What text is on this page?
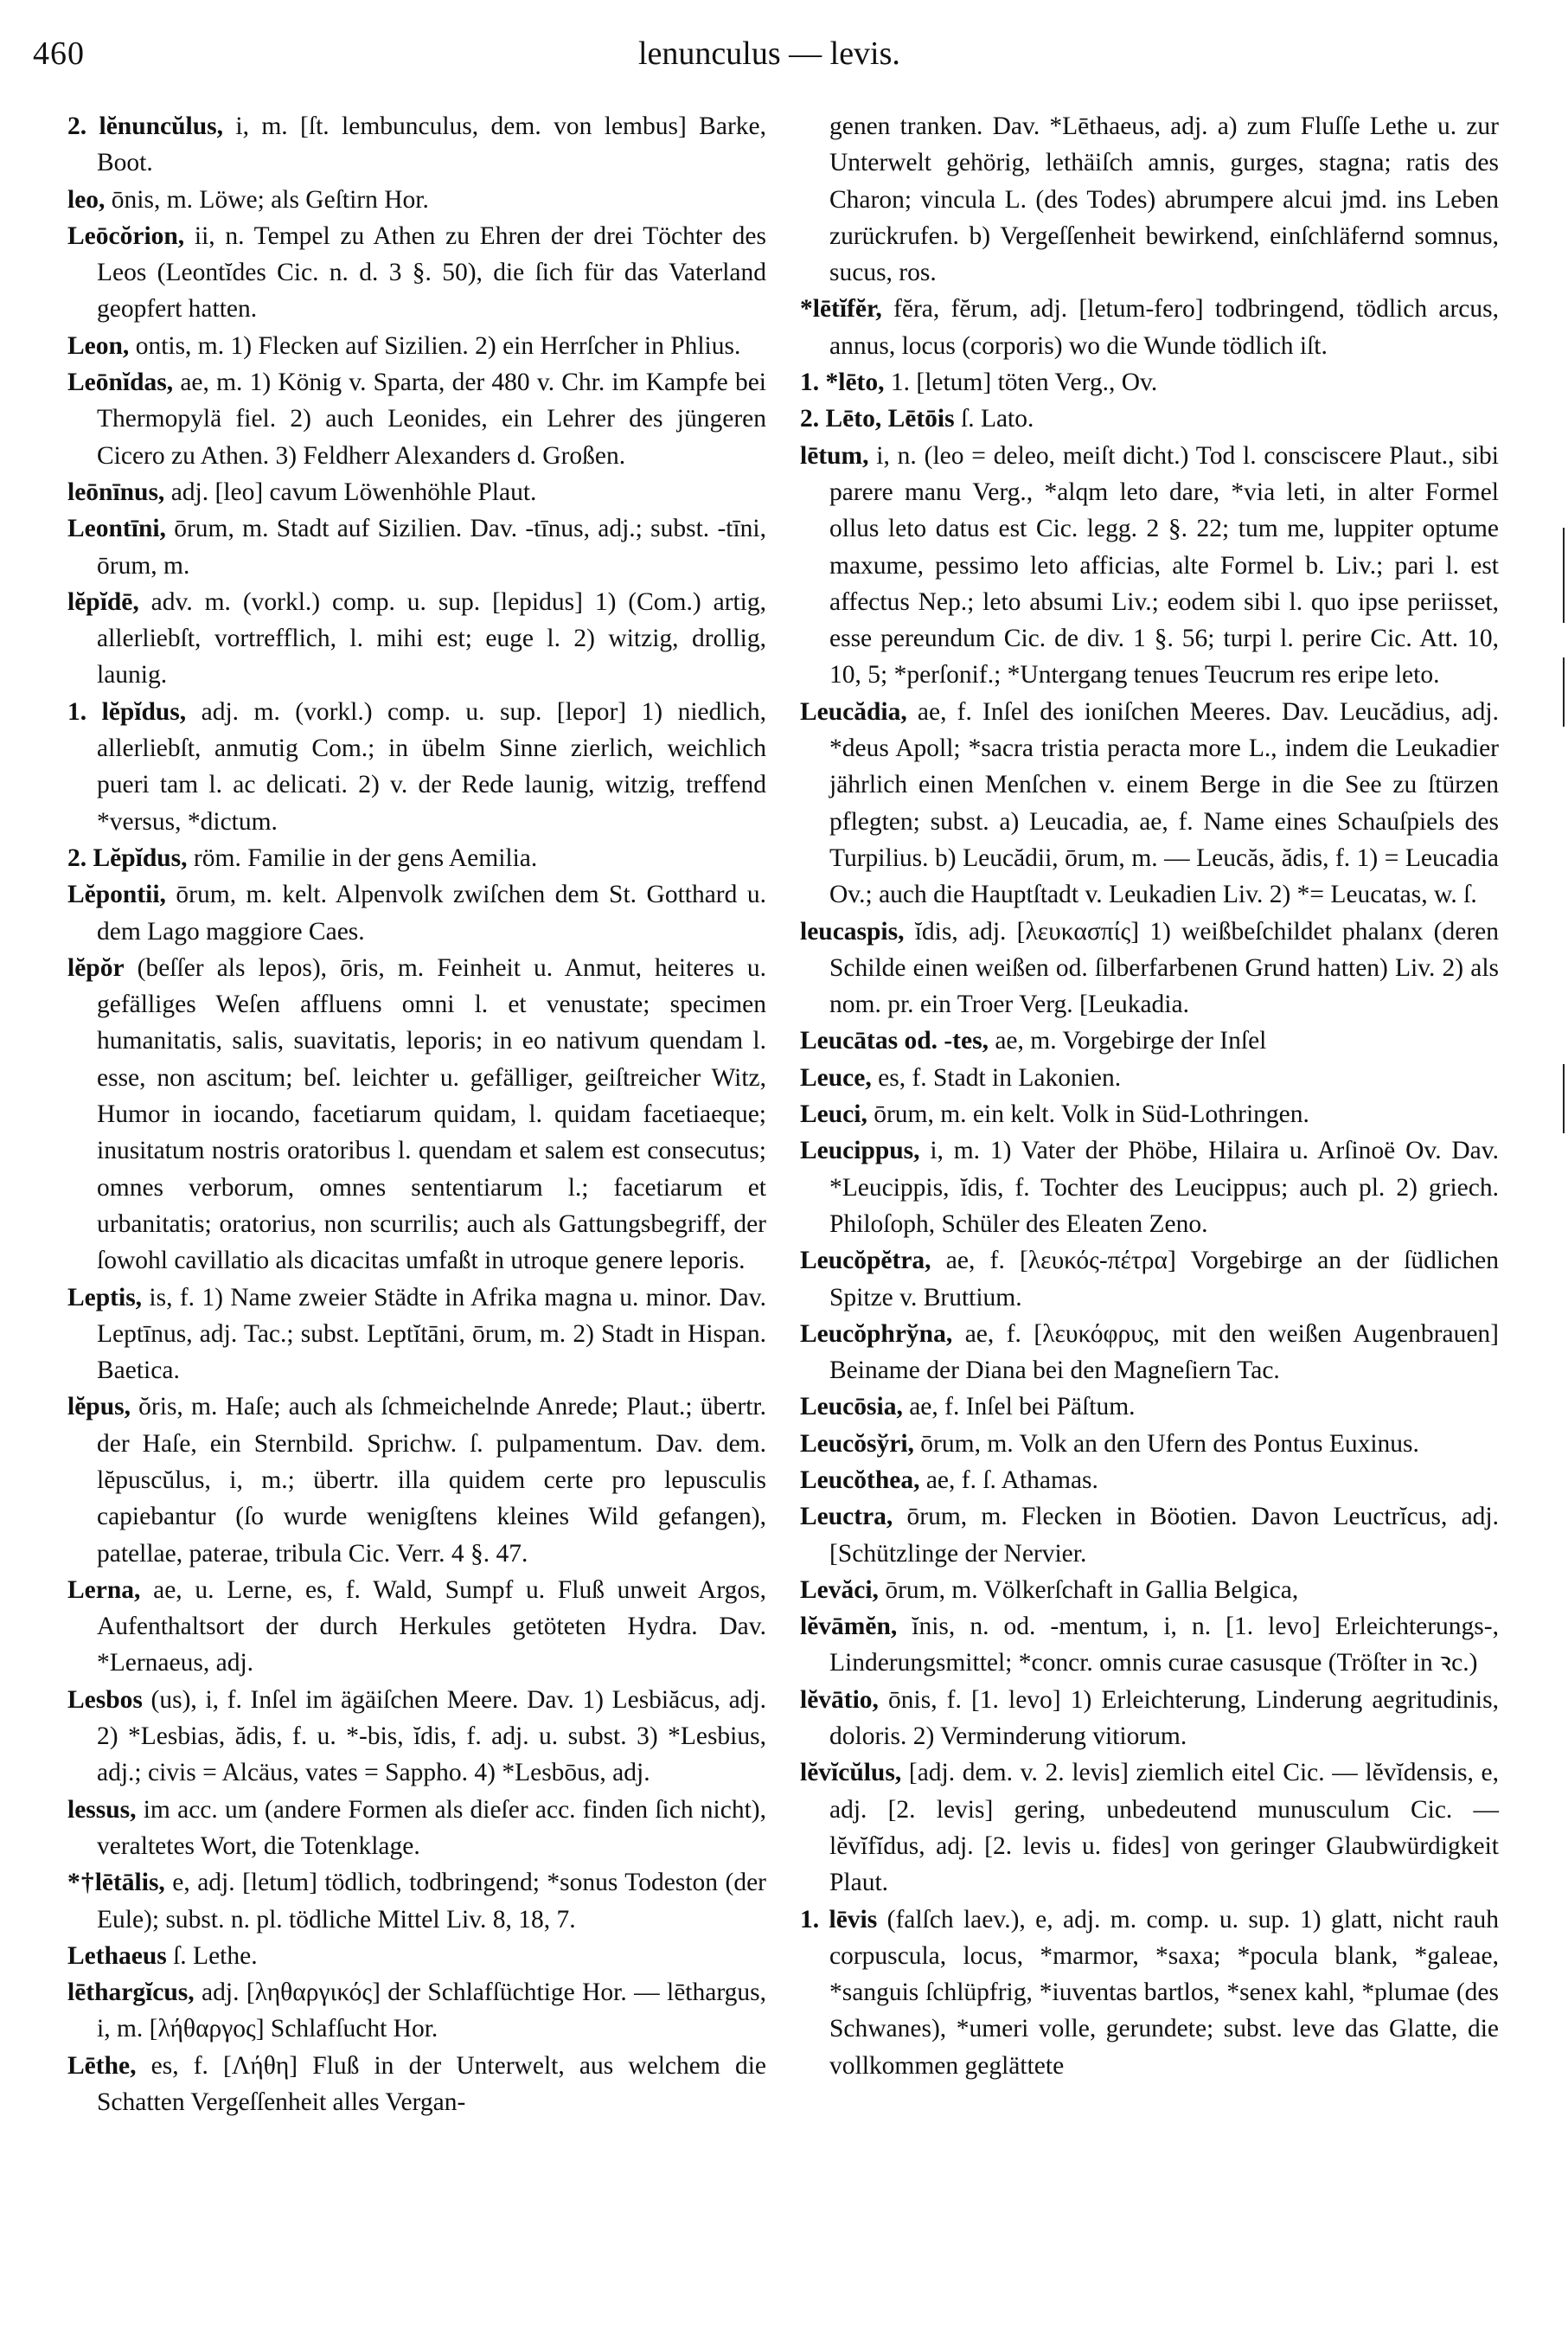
460	lenunculus — levis.

2. lĕnuncŭlus, i, m. [ſt. lembunculus, dem. von lembus] Barke, Boot.

leo, ōnis, m. Löwe; als Geſtirn Hor.

Leōcŏrion, ii, n. Tempel zu Athen zu Ehren der drei Töchter des Leos (Leontĭdes Cic. n. d. 3 §. 50), die ſich für das Vaterland geopfert hatten.

Leon, ontis, m. 1) Flecken auf Sizilien. 2) ein Herrſcher in Phlius.

Leōnĭdas, ae, m. 1) König v. Sparta, der 480 v. Chr. im Kampfe bei Thermopylä fiel. 2) auch Leonides, ein Lehrer des jüngeren Cicero zu Athen. 3) Feldherr Alexanders d. Großen.

leōnīnus, adj. [leo] cavum Löwenhöhle Plaut.

Leontīni, ōrum, m. Stadt auf Sizilien. Dav. -tīnus, adj.; subst. -tīni, ōrum, m.

lĕpĭdē, adv. m. (vorkl.) comp. u. sup. [lepidus] 1) (Com.) artig, allerliebſt, vortrefflich, l. mihi est; euge l. 2) witzig, drollig, launig.

1. lĕpĭdus, adj. m. (vorkl.) comp. u. sup. [lepor] 1) niedlich, allerliebſt, anmutig Com.; in übelm Sinne zierlich, weichlich pueri tam l. ac delicati. 2) v. der Rede launig, witzig, treffend *versus, *dictum.

2. Lĕpĭdus, röm. Familie in der gens Aemilia.

Lĕpontii, ōrum, m. kelt. Alpenvolk zwiſchen dem St. Gotthard u. dem Lago maggiore Caes.

lĕpŏr (beſſer als lepos), ōris, m. Feinheit u. Anmut, heiteres u. gefälliges Weſen affluens omni l. et venustate; specimen humanitatis, salis, suavitatis, leporis; in eo nativum quendam l. esse, non ascitum; beſ. leichter u. gefälliger, geiſtreicher Witz, Humor in iocando, facetiarum quidam, l. quidam facetiaeque; inusitatum nostris oratoribus l. quendam et salem est consecutus; omnes verborum, omnes sententiarum l.; facetiarum et urbanitatis; oratorius, non scurrilis; auch als Gattungsbegriff, der ſowohl cavillatio als dicacitas umfaßt in utroque genere leporis.

Leptis, is, f. 1) Name zweier Städte in Afrika magna u. minor. Dav. Leptīnus, adj. Tac.; subst. Leptĭtāni, ōrum, m. 2) Stadt in Hispan. Baetica.

lĕpus, ŏris, m. Haſe; auch als ſchmeichelnde Anrede; Plaut.; übertr. der Haſe, ein Sternbild. Sprichw. ſ. pulpamentum. Dav. dem. lĕpuscŭlus, i, m.; übertr. illa quidem certe pro lepusculis capiebantur (ſo wurde wenigſtens kleines Wild gefangen), patellae, paterae, tribula Cic. Verr. 4 §. 47.

Lerna, ae, u. Lerne, es, f. Wald, Sumpf u. Fluß unweit Argos, Aufenthaltsort der durch Herkules getöteten Hydra. Dav. *Lernaeus, adj.

Lesbos (us), i, f. Inſel im ägäiſchen Meere. Dav. 1) Lesbiăcus, adj. 2) *Lesbias, ădis, f. u. *-bis, ĭdis, f. adj. u. subst. 3) *Lesbius, adj.; civis = Alcäus, vates = Sappho. 4) *Lesbōus, adj.

lessus, im acc. um (andere Formen als dieſer acc. finden ſich nicht), veraltetes Wort, die Totenklage.

*†lētālis, e, adj. [letum] tödlich, todbringend; *sonus Todeston (der Eule); subst. n. pl. tödliche Mittel Liv. 8, 18, 7.

Lethaeus ſ. Lethe.

lēthargĭcus, adj. [ληθαργικός] der Schlafſüchtige Hor. — lēthargus, i, m. [λήθαργος] Schlafſucht Hor.

Lēthe, es, f. [Λήθη] Fluß in der Unterwelt, aus welchem die Schatten Vergeſſenheit alles Vergan-

genen tranken. Dav. *Lēthaeus, adj. a) zum Fluſſe Lethe u. zur Unterwelt gehörig, lethäiſch amnis, gurges, stagna; ratis des Charon; vincula L. (des Todes) abrumpere alcui jmd. ins Leben zurückrufen. b) Vergeſſenheit bewirkend, einſchläfernd somnus, sucus, ros.

*lētĭfĕr, fĕra, fĕrum, adj. [letum-fero] todbringend, tödlich arcus, annus, locus (corporis) wo die Wunde tödlich iſt.

1. *lēto, 1. [letum] töten Verg., Ov.

2. Lēto, Lētōis ſ. Lato.

lētum, i, n. (leo = deleo, meiſt dicht.) Tod l. consciscere Plaut., sibi parere manu Verg., *alqm leto dare, *via leti, in alter Formel ollus leto datus est Cic. legg. 2 §. 22; tum me, luppiter optume maxume, pessimo leto afficias, alte Formel b. Liv.; pari l. est affectus Nep.; leto absumi Liv.; eodem sibi l. quo ipse periisset, esse pereundum Cic. de div. 1 §. 56; turpi l. perire Cic. Att. 10, 10, 5; *perſonif.; *Untergang tenues Teucrum res eripe leto.

Leucădia, ae, f. Inſel des ioniſchen Meeres. Dav. Leucădius, adj. *deus Apoll; *sacra tristia peracta more L., indem die Leukadier jährlich einen Menſchen v. einem Berge in die See zu ſtürzen pflegten; subst. a) Leucadia, ae, f. Name eines Schauſpiels des Turpilius. b) Leucădii, ōrum, m. — Leucăs, ădis, f. 1) = Leucadia Ov.; auch die Hauptſtadt v. Leukadien Liv. 2) *= Leucatas, w. ſ.

leucaspis, ĭdis, adj. [λευκασπίς] 1) weißbeſchildet phalanx (deren Schilde einen weißen od. ſilberfarbenen Grund hatten) Liv. 2) als nom. pr. ein Troer Verg. [Leukadia.

Leucātas od. -tes, ae, m. Vorgebirge der Inſel

Leuce, es, f. Stadt in Lakonien.

Leuci, ōrum, m. ein kelt. Volk in Süd-Lothringen.

Leucippus, i, m. 1) Vater der Phöbe, Hilaira u. Arſinoë Ov. Dav. *Leucippis, ĭdis, f. Tochter des Leucippus; auch pl. 2) griech. Philoſoph, Schüler des Eleaten Zeno.

Leucŏpĕtra, ae, f. [λευκός-πέτρα] Vorgebirge an der ſüdlichen Spitze v. Bruttium.

Leucŏphrўna, ae, f. [λευκόφρυς, mit den weißen Augenbrauen] Beiname der Diana bei den Magneſiern Tac.

Leucōsia, ae, f. Inſel bei Päſtum.

Leucŏsўri, ōrum, m. Volk an den Ufern des Pontus Euxinus.

Leucŏthea, ae, f. ſ. Athamas.

Leuctra, ōrum, m. Flecken in Böotien. Davon Leuctrĭcus, adj. [Schützlinge der Nervier.

Levăci, ōrum, m. Völkerſchaft in Gallia Belgica,

lĕvāmĕn, ĭnis, n. od. -mentum, i, n. [1. levo] Erleichterungs-, Linderungsmittel; *concr. omnis curae casusque (Tröſter in ꝛc.)

lĕvātio, ōnis, f. [1. levo] 1) Erleichterung, Linderung aegritudinis, doloris. 2) Verminderung vitiorum.

lĕvĭcŭlus, [adj. dem. v. 2. levis] ziemlich eitel Cic. — lĕvĭdensis, e, adj. [2. levis] gering, unbedeutend munusculum Cic. — lĕvĭfĭdus, adj. [2. levis u. fides] von geringer Glaubwürdigkeit Plaut.

1. lēvis (falſch laev.), e, adj. m. comp. u. sup. 1) glatt, nicht rauh corpuscula, locus, *marmor, *saxa; *pocula blank, *galeae, *sanguis ſchlüpfrig, *iuventas bartlos, *senex kahl, *plumae (des Schwanes), *umeri volle, gerundete; subst. leve das Glatte, die vollkommen geglättete
